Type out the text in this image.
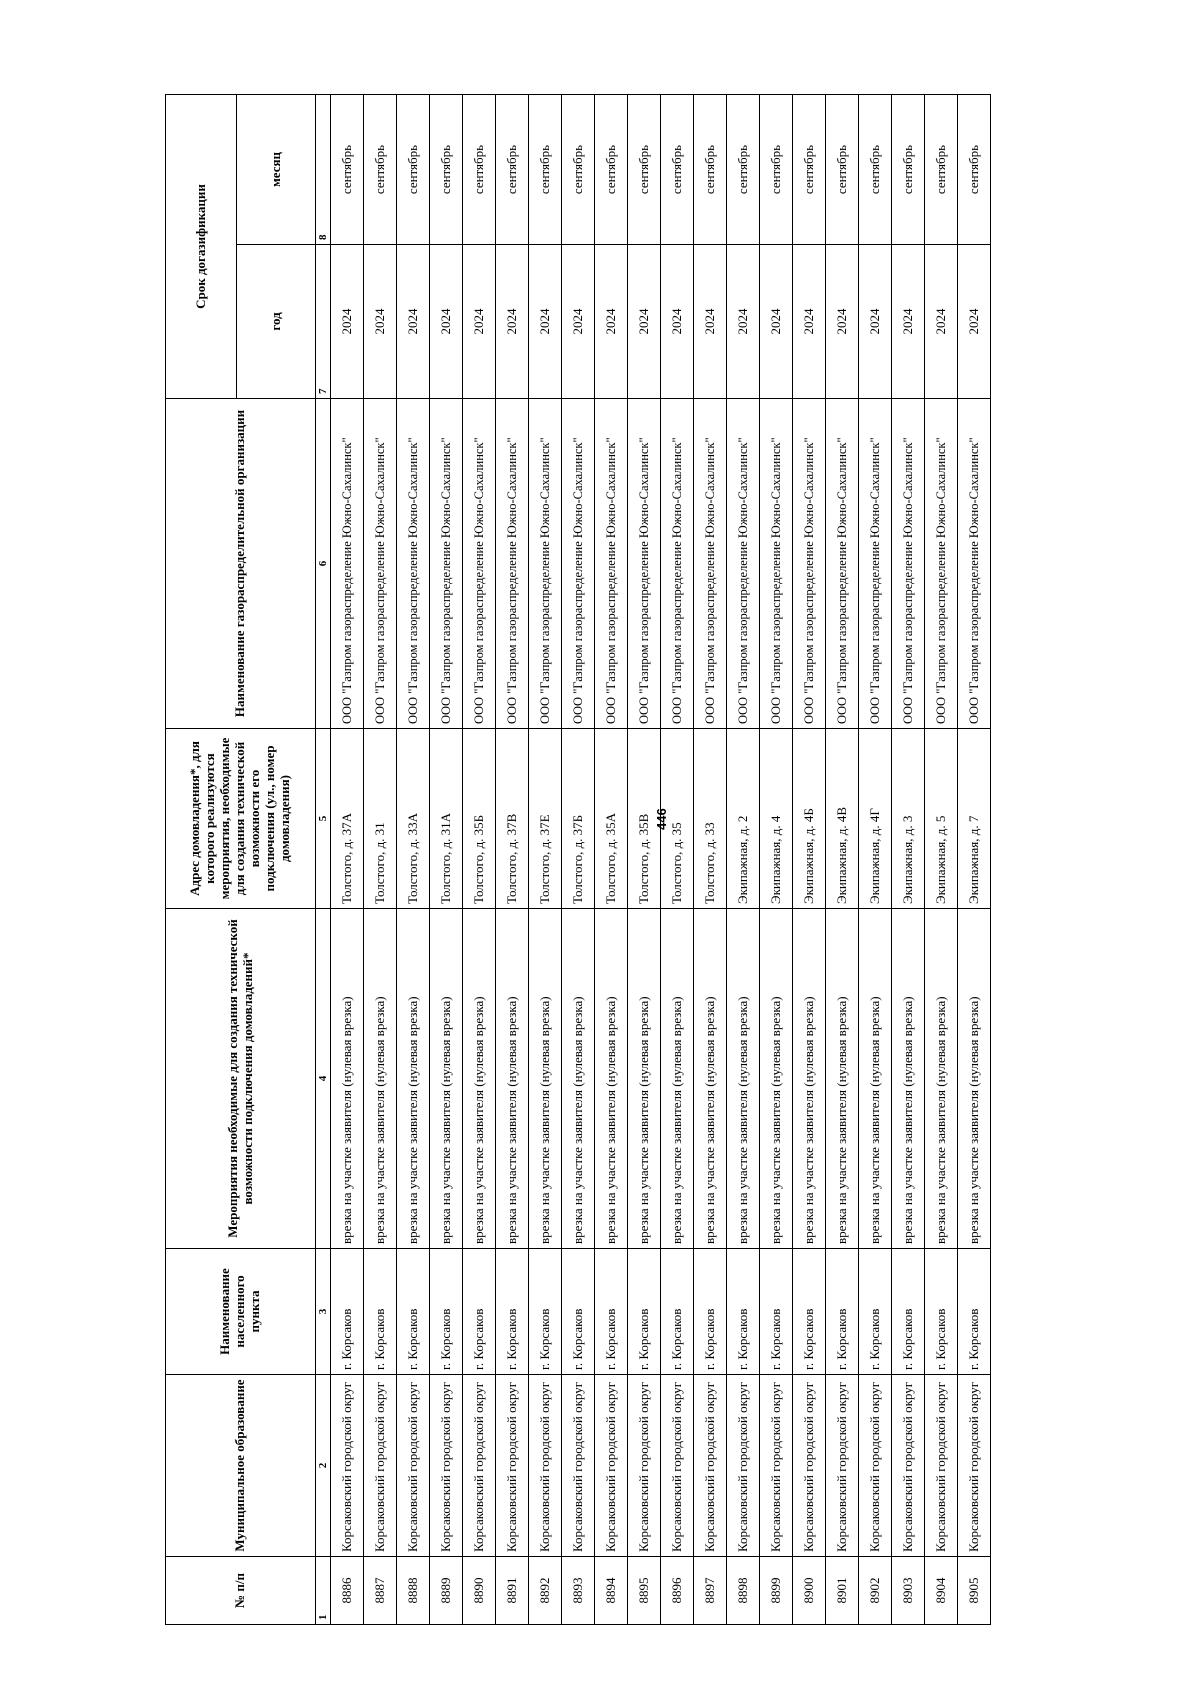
446
№ п/п	Муниципальное образование	Наименование населенного пункта	Мероприятия необходимые для создания технической возможности подключения домовладений*	Адрес домовладения*, для которого реализуются мероприятия, необходимые для создания технической возможности его подключения (ул., номер домовладения)	Наименование газораспределительной организации	Срок догазификации	
						год	месяц
1	2	3	4	5	6	7	8
8886	Корсаковский городской округ	г. Корсаков	врезка на участке заявителя (нулевая врезка)	Толстого, д. 37А	ООО "Газпром газораспределение Южно-Сахалинск"	2024	сентябрь
8887	Корсаковский городской округ	г. Корсаков	врезка на участке заявителя (нулевая врезка)	Толстого, д. 31	ООО "Газпром газораспределение Южно-Сахалинск"	2024	сентябрь
8888	Корсаковский городской округ	г. Корсаков	врезка на участке заявителя (нулевая врезка)	Толстого, д. 33А	ООО "Газпром газораспределение Южно-Сахалинск"	2024	сентябрь
8889	Корсаковский городской округ	г. Корсаков	врезка на участке заявителя (нулевая врезка)	Толстого, д. 31А	ООО "Газпром газораспределение Южно-Сахалинск"	2024	сентябрь
8890	Корсаковский городской округ	г. Корсаков	врезка на участке заявителя (нулевая врезка)	Толстого, д. 35Б	ООО "Газпром газораспределение Южно-Сахалинск"	2024	сентябрь
8891	Корсаковский городской округ	г. Корсаков	врезка на участке заявителя (нулевая врезка)	Толстого, д. 37В	ООО "Газпром газораспределение Южно-Сахалинск"	2024	сентябрь
8892	Корсаковский городской округ	г. Корсаков	врезка на участке заявителя (нулевая врезка)	Толстого, д. 37Е	ООО "Газпром газораспределение Южно-Сахалинск"	2024	сентябрь
8893	Корсаковский городской округ	г. Корсаков	врезка на участке заявителя (нулевая врезка)	Толстого, д. 37Б	ООО "Газпром газораспределение Южно-Сахалинск"	2024	сентябрь
8894	Корсаковский городской округ	г. Корсаков	врезка на участке заявителя (нулевая врезка)	Толстого, д. 35А	ООО "Газпром газораспределение Южно-Сахалинск"	2024	сентябрь
8895	Корсаковский городской округ	г. Корсаков	врезка на участке заявителя (нулевая врезка)	Толстого, д. 35В	ООО "Газпром газораспределение Южно-Сахалинск"	2024	сентябрь
8896	Корсаковский городской округ	г. Корсаков	врезка на участке заявителя (нулевая врезка)	Толстого, д. 35	ООО "Газпром газораспределение Южно-Сахалинск"	2024	сентябрь
8897	Корсаковский городской округ	г. Корсаков	врезка на участке заявителя (нулевая врезка)	Толстого, д. 33	ООО "Газпром газораспределение Южно-Сахалинск"	2024	сентябрь
8898	Корсаковский городской округ	г. Корсаков	врезка на участке заявителя (нулевая врезка)	Экипажная, д. 2	ООО "Газпром газораспределение Южно-Сахалинск"	2024	сентябрь
8899	Корсаковский городской округ	г. Корсаков	врезка на участке заявителя (нулевая врезка)	Экипажная, д. 4	ООО "Газпром газораспределение Южно-Сахалинск"	2024	сентябрь
8900	Корсаковский городской округ	г. Корсаков	врезка на участке заявителя (нулевая врезка)	Экипажная, д. 4Б	ООО "Газпром газораспределение Южно-Сахалинск"	2024	сентябрь
8901	Корсаковский городской округ	г. Корсаков	врезка на участке заявителя (нулевая врезка)	Экипажная, д. 4В	ООО "Газпром газораспределение Южно-Сахалинск"	2024	сентябрь
8902	Корсаковский городской округ	г. Корсаков	врезка на участке заявителя (нулевая врезка)	Экипажная, д. 4Г	ООО "Газпром газораспределение Южно-Сахалинск"	2024	сентябрь
8903	Корсаковский городской округ	г. Корсаков	врезка на участке заявителя (нулевая врезка)	Экипажная, д. 3	ООО "Газпром газораспределение Южно-Сахалинск"	2024	сентябрь
8904	Корсаковский городской округ	г. Корсаков	врезка на участке заявителя (нулевая врезка)	Экипажная, д. 5	ООО "Газпром газораспределение Южно-Сахалинск"	2024	сентябрь
8905	Корсаковский городской округ	г. Корсаков	врезка на участке заявителя (нулевая врезка)	Экипажная, д. 7	ООО "Газпром газораспределение Южно-Сахалинск"	2024	сентябрь
